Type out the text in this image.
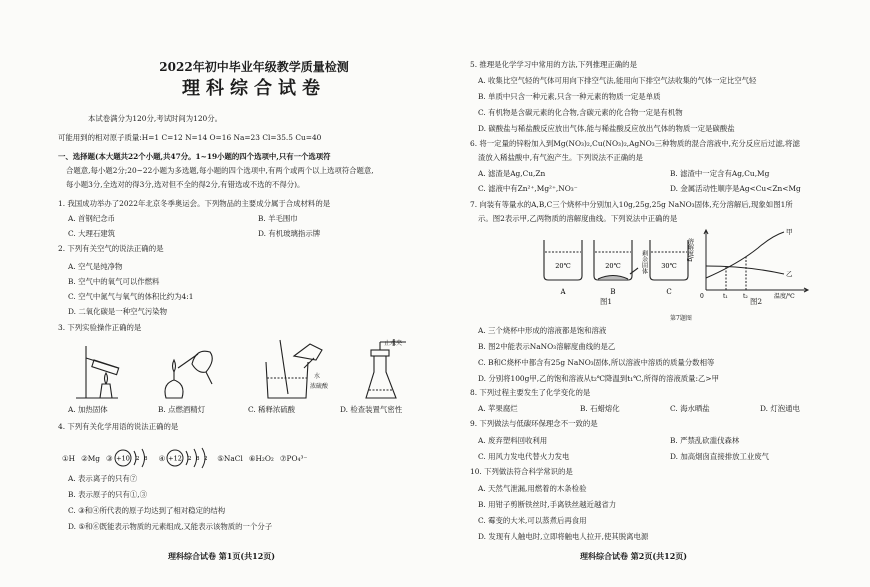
2022年初中毕业年级教学质量检测
理科综合试卷
本试卷满分为120分,考试时间为120分。
可能用到的相对原子质量:H=1 C=12 N=14 O=16 Na=23 Cl=35.5 Cu=40
一、选择题(本大题共22个小题,共47分。1~19小题的四个选项中,只有一个选项符
合题意,每小题2分;20~22小题为多选题,每小题的四个选项中,有两个或两个以上选项符合题意,
每小题3分,全选对的得3分,选对但不全的得2分,有错选或不选的不得分)。
1. 我国成功举办了2022年北京冬季奥运会。下列物品的主要成分属于合成材料的是
A. 首钢纪念币	B. 羊毛围巾
C. 大理石建筑	D. 有机玻璃指示牌
2. 下列有关空气的说法正确的是
A. 空气是纯净物
B. 空气中的氧气可以作燃料
C. 空气中氮气与氧气的体积比约为4:1
D. 二氧化碳是一种空气污染物
3. 下列实验操作正确的是
水
浓硫酸
止水夹
A. 加热固体	B. 点燃酒精灯	C. 稀释浓硫酸	D. 检查装置气密性
4. 下列有关化学用语的说法正确的是
①H ②Mg ③ +10 2 8 ④ +12 2 8 2 ⑤NaCl ⑥H₂O₂ ⑦PO₄³⁻
A. 表示离子的只有⑦
B. 表示原子的只有①,③
C. ③和④所代表的原子均达到了相对稳定的结构
D. ⑤和⑥既能表示物质的元素组成,又能表示该物质的一个分子
理科综合试卷 第1页(共12页)
5. 推理是化学学习中常用的方法,下列推理正确的是
A. 收集比空气轻的气体可用向下排空气法,能用向下排空气法收集的气体一定比空气轻
B. 单质中只含一种元素,只含一种元素的物质一定是单质
C. 有机物是含碳元素的化合物,含碳元素的化合物一定是有机物
D. 碳酸盐与稀盐酸反应放出气体,能与稀盐酸反应放出气体的物质一定是碳酸盐
6. 将一定量的锌粉加入到Mg(NO₃)₂,Cu(NO₃)₂,AgNO₃三种物质的混合溶液中,充分反应后过滤,将滤
渣放入稀盐酸中,有气泡产生。下列说法不正确的是
A. 滤渣是Ag,Cu,Zn	B. 滤渣中一定含有Ag,Cu,Mg
C. 滤液中有Zn²⁺,Mg²⁺,NO₃⁻	D. 金属活动性顺序是Ag<Cu<Zn<Mg
7. 向装有等量水的A,B,C三个烧杯中分别加入10g,25g,25g NaNO₃固体,充分溶解后,现象如图1所
示。图2表示甲,乙两物质的溶解度曲线。下列说法中正确的是
20℃	20℃	30℃
A	B	C
剩余固体
图1
溶解度/g
甲
乙
0	t₁	t₂	温度/℃
图2
第7题图
A. 三个烧杯中形成的溶液都是饱和溶液
B. 图2中能表示NaNO₃溶解度曲线的是乙
C. B和C烧杯中都含有25g NaNO₃固体,所以溶液中溶质的质量分数相等
D. 分别将100g甲,乙的饱和溶液从t₂℃降温到t₁℃,所得的溶液质量:乙>甲
8. 下列过程主要发生了化学变化的是
A. 苹果腐烂	B. 石蜡熔化	C. 海水晒盐	D. 灯泡通电
9. 下列做法与低碳环保理念不一致的是
A. 废弃塑料回收利用	B. 严禁乱砍滥伐森林
C. 用风力发电代替火力发电	D. 加高烟囱直接排放工业废气
10. 下列做法符合科学常识的是
A. 天然气泄漏,用燃着的木条检验
B. 用钳子剪断铁丝时,手离铁丝越近越省力
C. 霉变的大米,可以蒸煮后再食用
D. 发现有人触电时,立即将触电人拉开,使其脱离电源
理科综合试卷 第2页(共12页)
